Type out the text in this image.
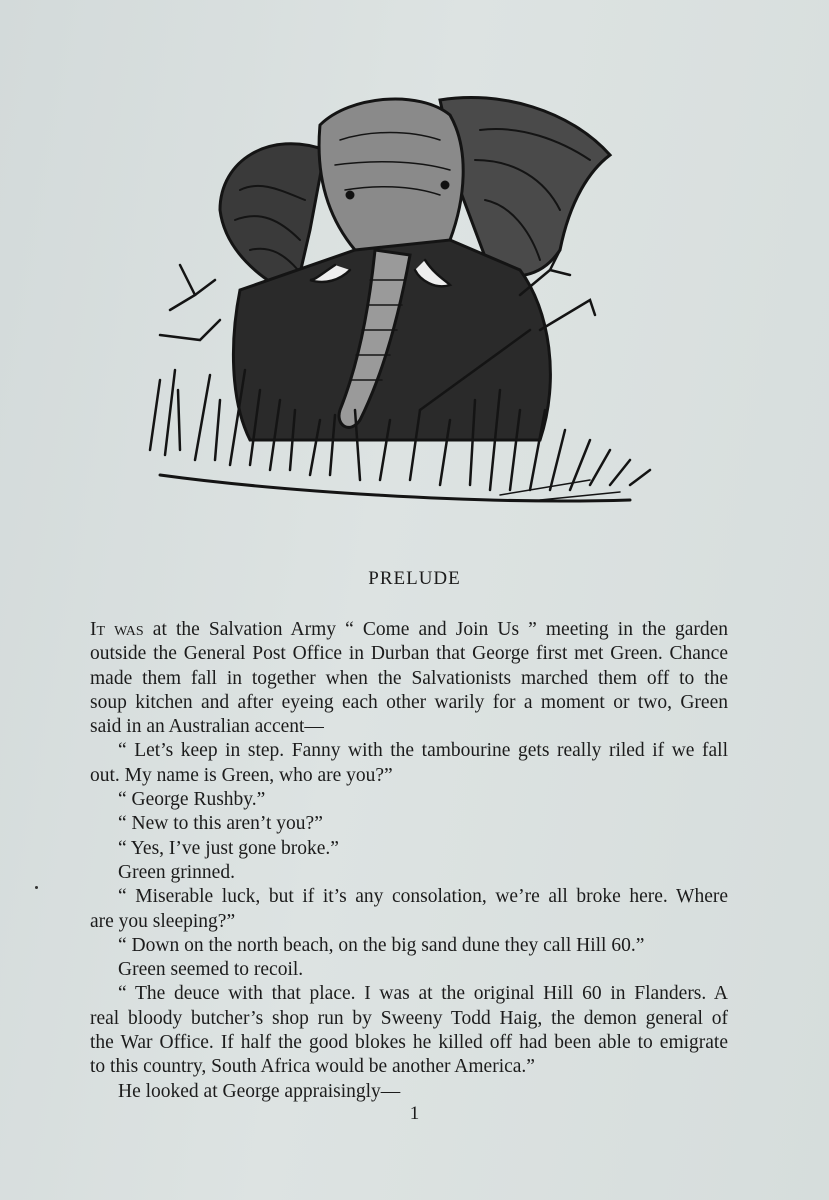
PRELUDE
It was at the Salvation Army “ Come and Join Us ” meeting in the garden
outside the General Post Office in Durban that George first met Green. Chance
made them fall in together when the Salvationists marched them off to the
soup kitchen and after eyeing each other warily for a moment or two, Green
said in an Australian accent—
“ Let’s keep in step. Fanny with the tambourine gets really riled if we fall
out. My name is Green, who are you?”
“ George Rushby.”
“ New to this aren’t you?”
“ Yes, I’ve just gone broke.”
Green grinned.
“ Miserable luck, but if it’s any consolation, we’re all broke here. Where
are you sleeping?”
“ Down on the north beach, on the big sand dune they call Hill 60.”
Green seemed to recoil.
“ The deuce with that place. I was at the original Hill 60 in Flanders. A
real bloody butcher’s shop run by Sweeny Todd Haig, the demon general of
the War Office. If half the good blokes he killed off had been able to emigrate
to this country, South Africa would be another America.”
He looked at George appraisingly—
1
